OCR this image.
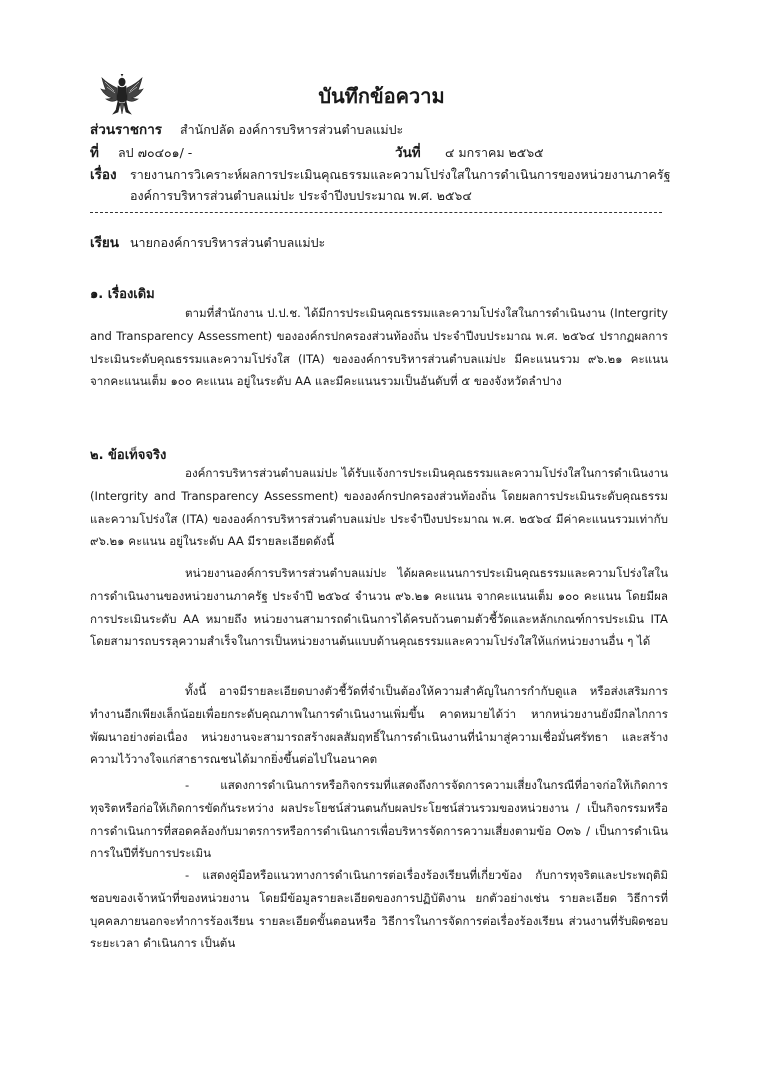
บันทึกข้อความ
ส่วนราชการ สำนักปลัด องค์การบริหารส่วนตำบลแม่ปะ
ที่ ลป ๗๐๔๐๑/ -	วันที่ ๔ มกราคม ๒๕๖๕
เรื่อง รายงานการวิเคราะห์ผลการประเมินคุณธรรมและความโปร่งใสในการดำเนินการของหน่วยงานภาครัฐ
องค์การบริหารส่วนตำบลแม่ปะ ประจำปีงบประมาณ พ.ศ. ๒๕๖๔
เรียน นายกองค์การบริหารส่วนตำบลแม่ปะ
๑. เรื่องเดิม
ตามที่สำนักงาน ป.ป.ช. ได้มีการประเมินคุณธรรมและความโปร่งใสในการดำเนินงาน (Intergrity and Transparency Assessment) ขององค์กรปกครองส่วนท้องถิ่น ประจำปีงบประมาณ พ.ศ. ๒๕๖๔ ปรากฏผลการประเมินระดับคุณธรรมและความโปร่งใส (ITA) ขององค์การบริหารส่วนตำบลแม่ปะ มีคะแนนรวม ๙๖.๒๑ คะแนน จากคะแนนเต็ม ๑๐๐ คะแนน อยู่ในระดับ AA และมีคะแนนรวมเป็นอันดับที่ ๕ ของจังหวัดลำปาง
๒. ข้อเท็จจริง
องค์การบริหารส่วนตำบลแม่ปะ ได้รับแจ้งการประเมินคุณธรรมและความโปร่งใสในการดำเนินงาน (Intergrity and Transparency Assessment) ขององค์กรปกครองส่วนท้องถิ่น โดยผลการประเมินระดับคุณธรรมและความโปร่งใส (ITA) ขององค์การบริหารส่วนตำบลแม่ปะ ประจำปีงบประมาณ พ.ศ. ๒๕๖๔ มีค่าคะแนนรวมเท่ากับ ๙๖.๒๑ คะแนน อยู่ในระดับ AA มีรายละเอียดดังนี้
หน่วยงานองค์การบริหารส่วนตำบลแม่ปะ ได้ผลคะแนนการประเมินคุณธรรมและความโปร่งใสในการดำเนินงานของหน่วยงานภาครัฐ ประจำปี ๒๕๖๔ จำนวน ๙๖.๒๑ คะแนน จากคะแนนเต็ม ๑๐๐ คะแนน โดยมีผลการประเมินระดับ AA หมายถึง หน่วยงานสามารถดำเนินการได้ครบถ้วนตามตัวชี้วัดและหลักเกณฑ์การประเมิน ITA โดยสามารถบรรลุความสำเร็จในการเป็นหน่วยงานต้นแบบด้านคุณธรรมและความโปร่งใสให้แก่หน่วยงานอื่น ๆ ได้
ทั้งนี้ อาจมีรายละเอียดบางตัวชี้วัดที่จำเป็นต้องให้ความสำคัญในการกำกับดูแล หรือส่งเสริมการทำงานอีกเพียงเล็กน้อยเพื่อยกระดับคุณภาพในการดำเนินงานเพิ่มขึ้น คาดหมายได้ว่า หากหน่วยงานยังมีกลไกการพัฒนาอย่างต่อเนื่อง หน่วยงานจะสามารถสร้างผลสัมฤทธิ์ในการดำเนินงานที่นำมาสู่ความเชื่อมั่นศรัทธา และสร้างความไว้วางใจแก่สาธารณชนได้มากยิ่งขึ้นต่อไปในอนาคต
- แสดงการดำเนินการหรือกิจกรรมที่แสดงถึงการจัดการความเสี่ยงในกรณีที่อาจก่อให้เกิดการทุจริตหรือก่อให้เกิดการขัดกันระหว่าง ผลประโยชน์ส่วนตนกับผลประโยชน์ส่วนรวมของหน่วยงาน / เป็นกิจกรรมหรือการดำเนินการที่สอดคล้องกับมาตรการหรือการดำเนินการเพื่อบริหารจัดการความเสี่ยงตามข้อ O๓๖ / เป็นการดำเนินการในปีที่รับการประเมิน
- แสดงคู่มือหรือแนวทางการดำเนินการต่อเรื่องร้องเรียนที่เกี่ยวข้อง กับการทุจริตและประพฤติมิชอบของเจ้าหน้าที่ของหน่วยงาน โดยมีข้อมูลรายละเอียดของการปฏิบัติงาน ยกตัวอย่างเช่น รายละเอียด วิธีการที่บุคคลภายนอกจะทำการร้องเรียน รายละเอียดขั้นตอนหรือ วิธีการในการจัดการต่อเรื่องร้องเรียน ส่วนงานที่รับผิดชอบ ระยะเวลา ดำเนินการ เป็นต้น
